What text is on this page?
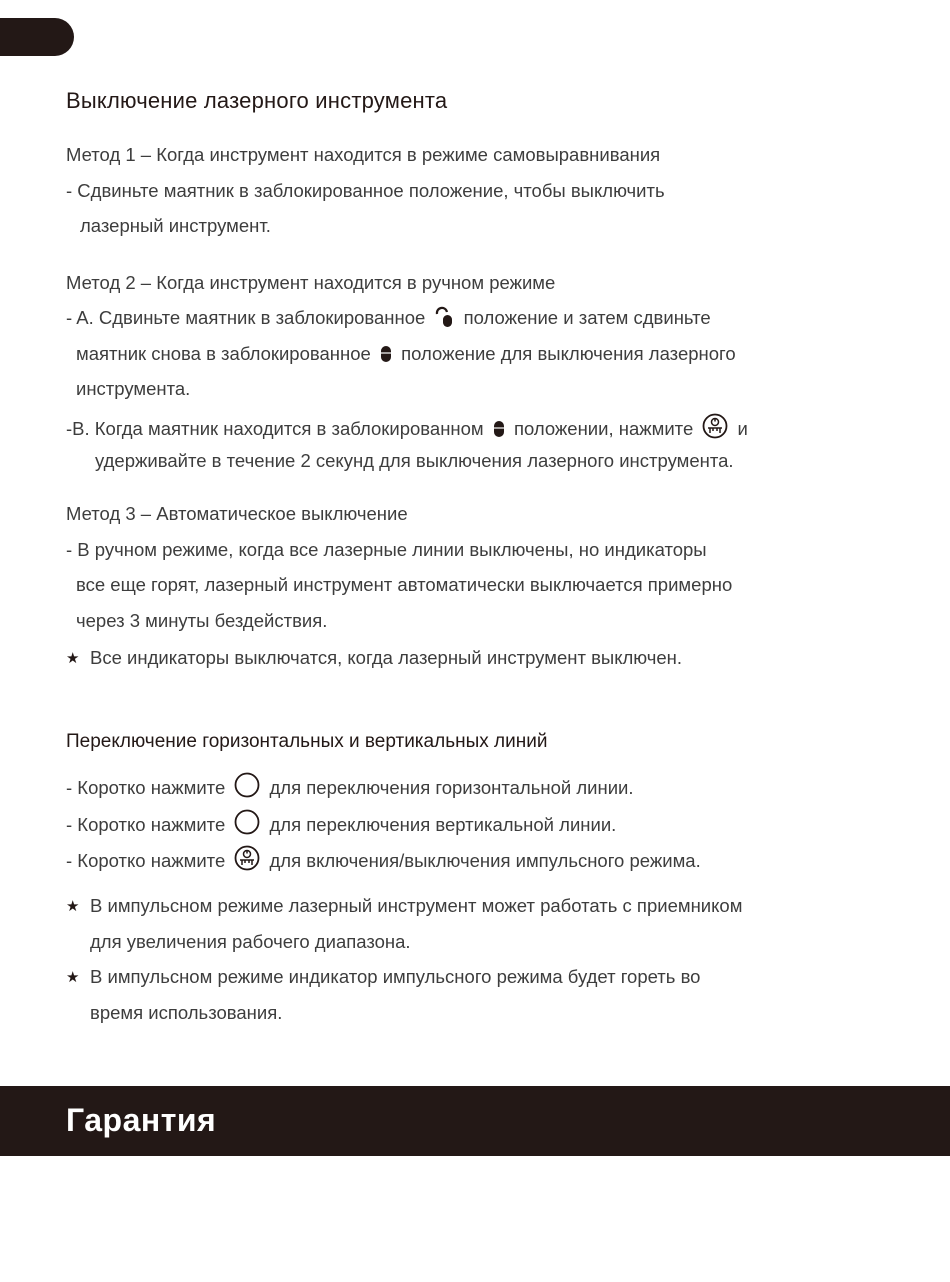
Выключение лазерного инструмента
Метод 1 – Когда инструмент находится в режиме самовыравнивания
- Сдвиньте маятник в заблокированное положение, чтобы выключить
лазерный инструмент.
Метод 2 – Когда инструмент находится в ручном режиме
- A. Сдвиньте маятник в заблокированное положение и затем сдвиньте
маятник снова в заблокированное положение для выключения лазерного
инструмента.
-B. Когда маятник находится в заблокированном положении, нажмите и
удерживайте в течение 2 секунд для выключения лазерного инструмента.
Метод 3 – Автоматическое выключение
- В ручном режиме, когда все лазерные линии выключены, но индикаторы
все еще горят, лазерный инструмент автоматически выключается примерно
через 3 минуты бездействия.
★ Все индикаторы выключатся, когда лазерный инструмент выключен.
Переключение горизонтальных и вертикальных линий
- Коротко нажмите для переключения горизонтальной линии.
- Коротко нажмите для переключения вертикальной линии.
- Коротко нажмите для включения/выключения импульсного режима.
★ В импульсном режиме лазерный инструмент может работать с приемником
для увеличения рабочего диапазона.
★ В импульсном режиме индикатор импульсного режима будет гореть во
время использования.
Гарантия
